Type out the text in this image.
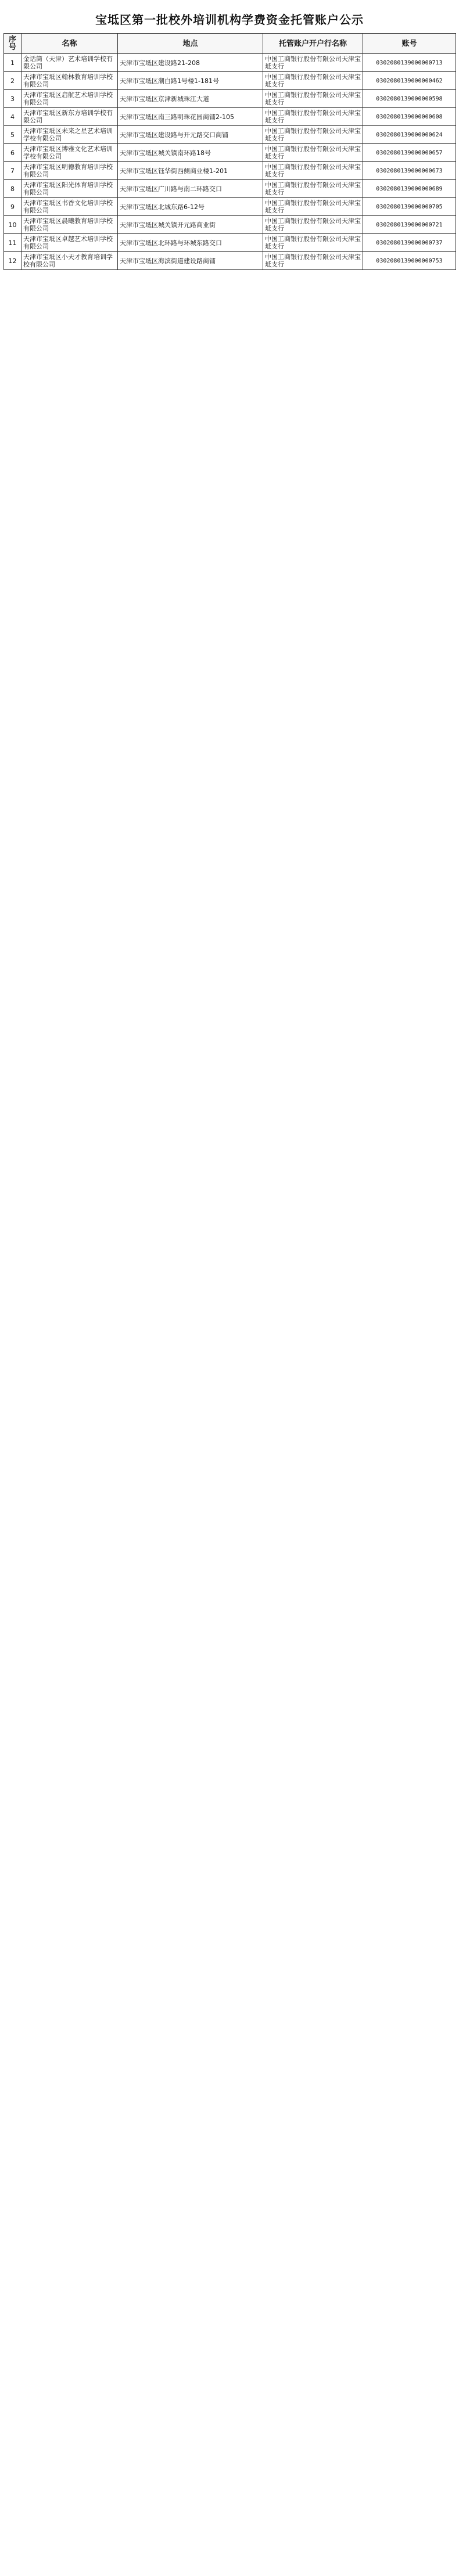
宝坻区第一批校外培训机构学费资金托管账户公示
序号	名称	地点	托管账户开户行名称	账号
1	金话筒（天津）艺术培训学校有限公司	天津市宝坻区建设路21-208	中国工商银行股份有限公司天津宝坻支行	0302080139000000713
2	天津市宝坻区翰林教育培训学校有限公司	天津市宝坻区潮白路1号楼1-181号	中国工商银行股份有限公司天津宝坻支行	0302080139000000462
3	天津市宝坻区启航艺术培训学校有限公司	天津市宝坻区京津新城珠江大道	中国工商银行股份有限公司天津宝坻支行	0302080139000000598
4	天津市宝坻区新东方培训学校有限公司	天津市宝坻区南三路明珠花园商铺2-105	中国工商银行股份有限公司天津宝坻支行	0302080139000000608
5	天津市宝坻区未来之星艺术培训学校有限公司	天津市宝坻区建设路与开元路交口商铺	中国工商银行股份有限公司天津宝坻支行	0302080139000000624
6	天津市宝坻区博雅文化艺术培训学校有限公司	天津市宝坻区城关镇南环路18号	中国工商银行股份有限公司天津宝坻支行	0302080139000000657
7	天津市宝坻区明德教育培训学校有限公司	天津市宝坻区钰华街西侧商业楼1-201	中国工商银行股份有限公司天津宝坻支行	0302080139000000673
8	天津市宝坻区阳光体育培训学校有限公司	天津市宝坻区广川路与南二环路交口	中国工商银行股份有限公司天津宝坻支行	0302080139000000689
9	天津市宝坻区书香文化培训学校有限公司	天津市宝坻区北城东路6-12号	中国工商银行股份有限公司天津宝坻支行	0302080139000000705
10	天津市宝坻区晨曦教育培训学校有限公司	天津市宝坻区城关镇开元路商业街	中国工商银行股份有限公司天津宝坻支行	0302080139000000721
11	天津市宝坻区卓越艺术培训学校有限公司	天津市宝坻区北环路与环城东路交口	中国工商银行股份有限公司天津宝坻支行	0302080139000000737
12	天津市宝坻区小天才教育培训学校有限公司	天津市宝坻区海滨街道建设路商铺	中国工商银行股份有限公司天津宝坻支行	0302080139000000753
